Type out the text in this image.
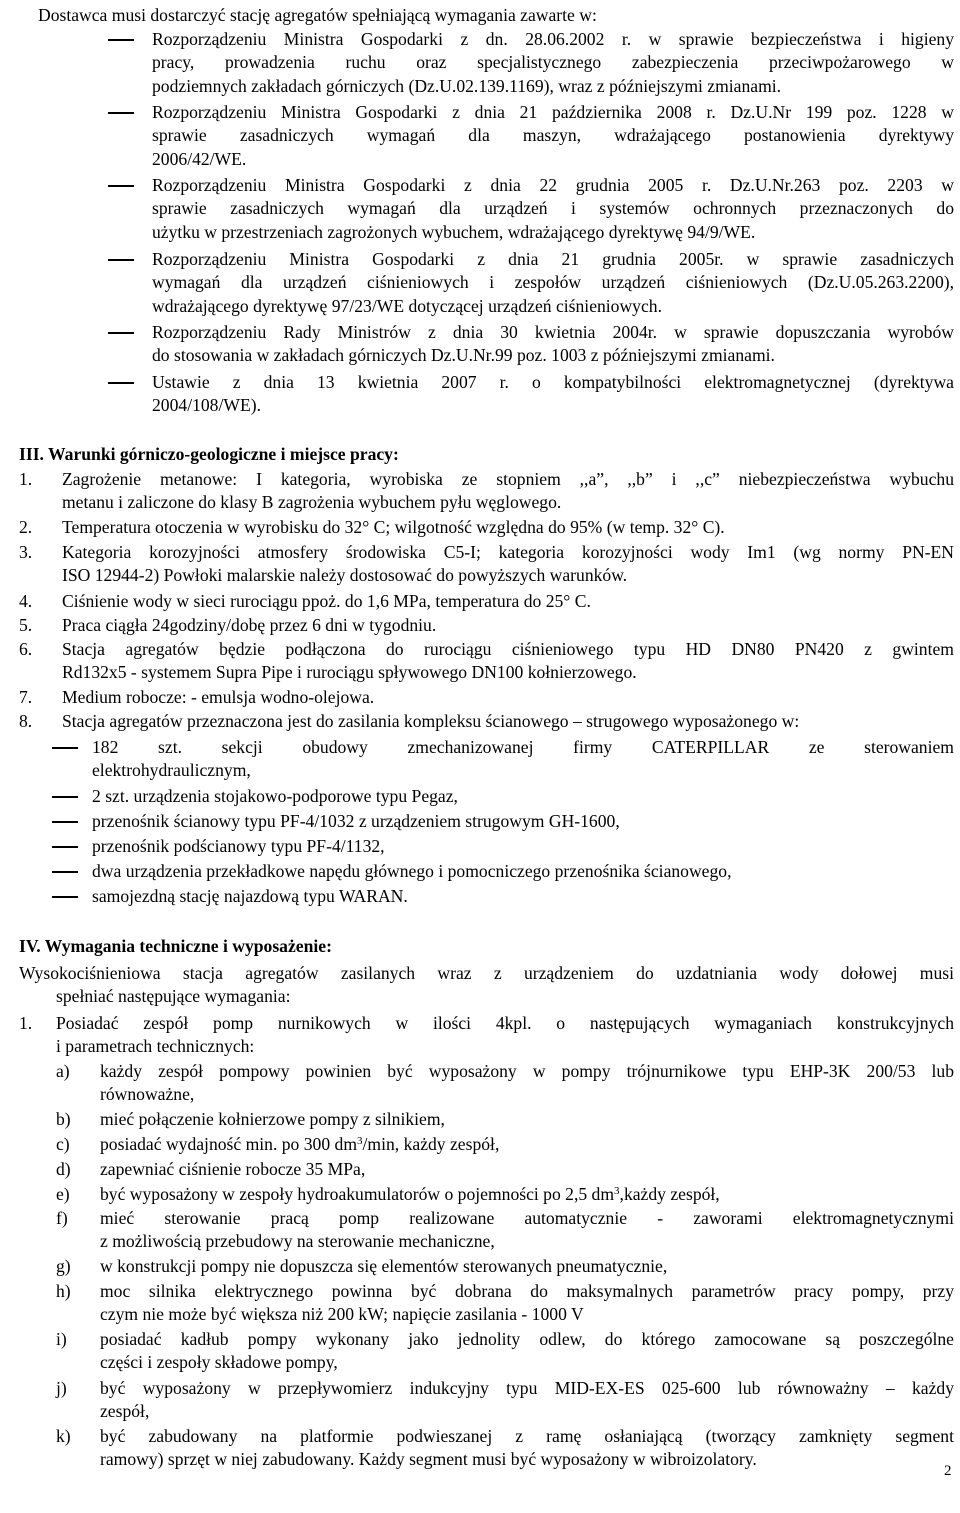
Dostawca musi dostarczyć stację agregatów spełniającą wymagania zawarte w:
Rozporządzeniu Ministra Gospodarki z dn. 28.06.2002 r. w sprawie bezpieczeństwa i higieny
pracy, prowadzenia ruchu oraz specjalistycznego zabezpieczenia przeciwpożarowego w
podziemnych zakładach górniczych (Dz.U.02.139.1169), wraz z późniejszymi zmianami.
Rozporządzeniu Ministra Gospodarki z dnia 21 października 2008 r. Dz.U.Nr 199 poz. 1228 w
sprawie zasadniczych wymagań dla maszyn, wdrażającego postanowienia dyrektywy
2006/42/WE.
Rozporządzeniu Ministra Gospodarki z dnia 22 grudnia 2005 r. Dz.U.Nr.263 poz. 2203 w
sprawie zasadniczych wymagań dla urządzeń i systemów ochronnych przeznaczonych do
użytku w przestrzeniach zagrożonych wybuchem, wdrażającego dyrektywę 94/9/WE.
Rozporządzeniu Ministra Gospodarki z dnia 21 grudnia 2005r. w sprawie zasadniczych
wymagań dla urządzeń ciśnieniowych i zespołów urządzeń ciśnieniowych (Dz.U.05.263.2200),
wdrażającego dyrektywę 97/23/WE dotyczącej urządzeń ciśnieniowych.
Rozporządzeniu Rady Ministrów z dnia 30 kwietnia 2004r. w sprawie dopuszczania wyrobów
do stosowania w zakładach górniczych Dz.U.Nr.99 poz. 1003 z późniejszymi zmianami.
Ustawie z dnia 13 kwietnia 2007 r. o kompatybilności elektromagnetycznej (dyrektywa
2004/108/WE).
III. Warunki górniczo-geologiczne i miejsce pracy:
1. Zagrożenie metanowe: I kategoria, wyrobiska ze stopniem ,,a”, ,,b” i ,,c” niebezpieczeństwa wybuchu
metanu i zaliczone do klasy B zagrożenia wybuchem pyłu węglowego.
2. Temperatura otoczenia w wyrobisku do 32° C; wilgotność względna do 95% (w temp. 32° C).
3. Kategoria korozyjności atmosfery środowiska C5-I; kategoria korozyjności wody Im1 (wg normy PN-EN
ISO 12944-2) Powłoki malarskie należy dostosować do powyższych warunków.
4. Ciśnienie wody w sieci rurociągu ppoż. do 1,6 MPa, temperatura do 25° C.
5. Praca ciągła 24godziny/dobę przez 6 dni w tygodniu.
6. Stacja agregatów będzie podłączona do rurociągu ciśnieniowego typu HD DN80 PN420 z gwintem
Rd132x5 - systemem Supra Pipe i rurociągu spływowego DN100 kołnierzowego.
7. Medium robocze: - emulsja wodno-olejowa.
8. Stacja agregatów przeznaczona jest do zasilania kompleksu ścianowego – strugowego wyposażonego w:
182 szt. sekcji obudowy zmechanizowanej firmy CATERPILLAR ze sterowaniem
elektrohydraulicznym,
2 szt. urządzenia stojakowo-podporowe typu Pegaz,
przenośnik ścianowy typu PF-4/1032 z urządzeniem strugowym GH-1600,
przenośnik podścianowy typu PF-4/1132,
dwa urządzenia przekładkowe napędu głównego i pomocniczego przenośnika ścianowego,
samojezdną stację najazdową typu WARAN.
IV. Wymagania techniczne i wyposażenie:
Wysokociśnieniowa stacja agregatów zasilanych wraz z urządzeniem do uzdatniania wody dołowej musi
spełniać następujące wymagania:
1. Posiadać zespół pomp nurnikowych w ilości 4kpl. o następujących wymaganiach konstrukcyjnych
i parametrach technicznych:
a) każdy zespół pompowy powinien być wyposażony w pompy trójnurnikowe typu EHP-3K 200/53 lub
równoważne,
b) mieć połączenie kołnierzowe pompy z silnikiem,
c) posiadać wydajność min. po 300 $dm^3/\min$, każdy zespół,
d) zapewniać ciśnienie robocze 35 MPa,
e) być wyposażony w zespoły hydroakumulatorów o pojemności po 2,5 $dm^3,każdy$ zespół,
f) mieć sterowanie pracą pomp realizowane automatycznie - zaworami elektromagnetycznymi
z możliwością przebudowy na sterowanie mechaniczne,
g) w konstrukcji pompy nie dopuszcza się elementów sterowanych pneumatycznie,
h) moc silnika elektrycznego powinna być dobrana do maksymalnych parametrów pracy pompy, przy
czym nie może być większa niż 200 kW; napięcie zasilania - 1000 V
i) posiadać kadłub pompy wykonany jako jednolity odlew, do którego zamocowane są poszczególne
części i zespoły składowe pompy,
j) być wyposażony w przepływomierz indukcyjny typu MID-EX-ES 025-600 lub równoważny – każdy
zespół,
k) być zabudowany na platformie podwieszanej z ramę osłaniającą (tworzący zamknięty segment
ramowy) sprzęt w niej zabudowany. Każdy segment musi być wyposażony w wibroizolatory.
2
